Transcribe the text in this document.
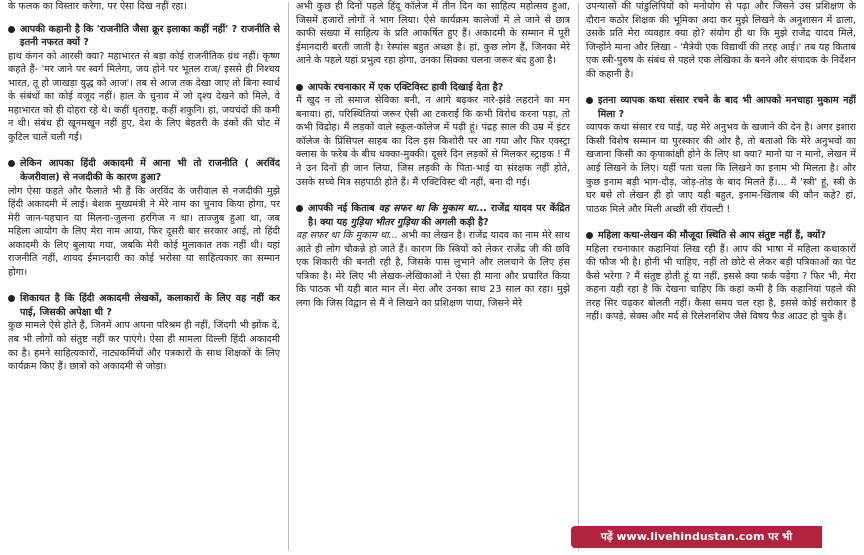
के फलक का विस्तार करेगा, पर ऐसा दिख नहीं रहा।

आपकी कहानी है कि 'राजनीति जैसा क्रूर इलाका कहीं नहीं' ? राजनीति से इतनी नफरत क्यों ?

हाथ कंगन को आरसी क्या? महाभारत से बड़ा कोई राजनीतिक ग्रंथ नहीं। कृष्ण कहते हैं- 'मर जाने पर स्वर्ग मिलेगा, जय होने पर भूतल राज/ इससे ही निश्चय भारत, तू हो जाखड़ा युद्ध को आज'। तब से आज तक देखा जाए तो बिना स्वार्थ के संबंधों का कोई वजूद नहीं। हाल के चुनाव में जो दृश्य देखने को मिले, वे महाभारत को ही दोहरा रहे थे। कहीं धृतराष्ट्र, कहीं शकुनि। हां, जयचंदों की कमी न थी। संबंध ही खूनमखून नहीं हुए, देश के लिए बेहतरी के डंकों की चोट में कुटिल चालें चली गईं।

लेकिन आपका हिंदी अकादमी में आना भी तो राजनीति ( अरविंद केजरीवाल) से नजदीकी के कारण हुआ?

लोग ऐसा कहते और फैलाते भी हैं कि अरविंद के जरीवाल से नजदीकी मुझे हिंदी अकादमी में लाई। बेशक मुख्यमंत्री ने मेरे नाम का चुनाव किया होगा, पर मेरी जान-पहचान या मिलना-जुलना हरगिज न था। ताज्जुब हुआ था, जब महिला आयोग के लिए मेरा नाम आया, फिर दूसरी बार सरकार आई, तो हिंदी अकादमी के लिए बुलाया गया, जबकि मेरी कोई मुलाकात तक नहीं थी। यहां राजनीति नहीं, शायद ईमानदारी का कोई भरोसा या साहित्यकार का सम्मान होगा।

शिकायत है कि हिंदी अकादमी लेखकों, कलाकारों के लिए वह नहीं कर पाई, जिसकी अपेक्षा थी ?

कुछ मामले ऐसे होते हैं, जिनमें आप अपना परिश्रम ही नहीं, जिंदगी भी झोंक दें, तब भी लोगों को संतुष्ट नहीं कर पाएंगे। ऐसा ही मामला दिल्ली हिंदी अकादमी का है। हमने साहित्यकारों, नाट्यकर्मियों और पत्रकारों के साथ शिक्षकों के लिए कार्यक्रम किए हैं। छात्रों को अकादमी से जोड़ा।

अभी कुछ ही दिनों पहले हिंदू कॉलेज में तीन दिन का साहित्य महोत्सव हुआ, जिसमें हजारों लोगों ने भाग लिया। ऐसे कार्यक्रम कालेजों में ले जाने से छात्र काफी संख्या में साहित्य के प्रति आकर्षित हुए हैं। अकादमी के सम्मान में पूरी ईमानदारी बरती जाती है। रेस्पांस बहुत अच्छा है। हां, कुछ लोग हैं, जिनका मेरे आने के पहले यहां प्रभुत्व रहा होगा, उनका सिक्का चलना जरूर बंद हुआ है।

आपके रचनाकार में एक एक्टिविस्ट हावी दिखाई देता है?

मैं खुद न तो समाज सेविका बनी, न आगे बढ़कर नारे-झंडे लहराने का मन बनाया। हां, परिस्थितियां जरूर ऐसी आ टकराईं कि कभी विरोध करना पड़ा, तो कभी विद्रोह। मैं लड़कों वाले स्कूल-कॉलेज में पढ़ी हूं। पंद्रह साल की उम्र में इंटर कॉलेज के प्रिंसिपल साहब का दिल इस किशोरी पर आ गया और फिर एक्स्ट्रा क्लास के फरेब के बीच धक्का-मुक्की। दूसरे दिन लड़कों से मिलकर स्ट्राइक ! मैं ने उन दिनों ही जान लिया, जिस लड़की के पिता-भाई या संरक्षक नहीं होते, उसके सच्चे मित्र सहपाठी होते हैं। मैं एक्टिविस्ट थी नहीं, बना दी गई।

आपकी नई किताब वह सफर था कि मुकाम था... राजेंद्र यादव पर केंद्रित है। क्या यह गुड़िया भीतर गुड़िया की अगली कड़ी है?

वह सफर था कि मुकाम था... अभी का लेखन है। राजेंद्र यादव का नाम मेरे साथ आते ही लोग चौकन्ने हो जाते हैं। कारण कि स्त्रियों को लेकर राजेंद्र जी की छवि एक शिकारी की बनती रही है, जिसके पास लुभाने और ललचाने के लिए हंस पत्रिका है। मेरे लिए भी लेखक-लेखिकाओं ने ऐसा ही माना और प्रचारित किया कि पाठक भी यही बात मान लें। मेरा और उनका साथ 23 साल का रहा। मुझे लगा कि जिस विद्वान से मैं ने लिखने का प्रशिक्षण पाया, जिसने मेरे

उपन्यासों की पांडुलिपियों को मनोयोग से पढ़ा और जिसने उस प्रशिक्षण के दौरान कठोर शिक्षक की भूमिका अदा कर मुझे लिखने के अनुशासन में ढाला, उसके प्रति मेरा व्यवहार क्या हो? संयोग ही था कि मुझे राजेंद्र यादव मिले, जिन्होंने माना और लिखा - 'मैत्रेयी एक विद्यार्थी की तरह आई।' तब यह किताब एक स्त्री-पुरुष के संबंध से पहले एक लेखिका के बनने और संपादक के निर्देशन की कहानी है।

इतना व्यापक कथा संसार रचने के बाद भी आपको मनचाहा मुकाम नहीं मिला ?

व्यापक कथा संसार रच पाई, यह मेरे अनुभव के खजाने की देन है। अगर इशारा किसी विशेष सम्मान या पुरस्कार की ओर है, तो बताओ कि मेरे अनुभवों का खजाना किसी का कृपाकांक्षी होने के लिए था क्या? मानो या न मानो, लेखन में आई लिखने के लिए। यहीं पता चला कि लिखने का इनाम भी मिलता है। और कुछ इनाम बड़ी भाग-दौड़, जोड़-तोड़ के बाद मिलते हैं।... मैं 'स्त्री' हूं, स्त्री के घर बसे तो लेखन ही हो जाए यही बहुत, इनाम-खिताब की कौन कहे? हां, पाठक मिले और मिली अच्छी सी रॉयल्टी !

महिला कथा-लेखन की मौजूदा स्थिति से आप संतुष्ट नहीं हैं, क्यों?

महिला रचनाकार कहानियां लिख रही हैं। आप की भाषा में महिला कथाकारों की फौज भी है। होनी भी चाहिए, नहीं तो छोटे से लेकर बड़ी पत्रिकाओं का पेट कैसे भरेगा ? मैं संतुष्ट होती हूं या नहीं, इससे क्या फर्क पड़ेगा ? फिर भी, मेरा कहना यही रहा है कि देखना चाहिए कि कहां कमी है कि कहानियां पहले की तरह सिर चढ़कर बोलती नहीं। कैसा समय चल रहा है, इससे कोई सरोकार है नहीं। कपड़े, सेक्स और मर्द से रिलेशनशिप जैसे विषय फैड आउट हो चुके हैं।

पढ़ें www.livehindustan.com पर भी
